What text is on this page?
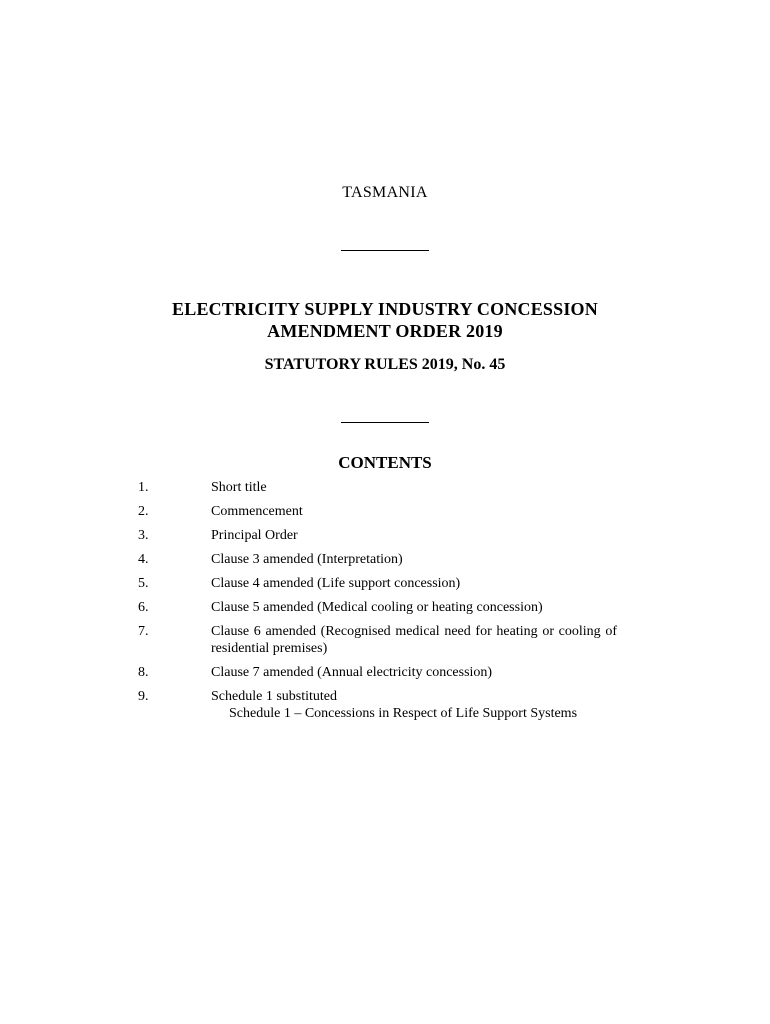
TASMANIA
ELECTRICITY SUPPLY INDUSTRY CONCESSION
AMENDMENT ORDER 2019
STATUTORY RULES 2019, No. 45
CONTENTS
1.	Short title
2.	Commencement
3.	Principal Order
4.	Clause 3 amended (Interpretation)
5.	Clause 4 amended (Life support concession)
6.	Clause 5 amended (Medical cooling or heating concession)
7.	Clause 6 amended (Recognised medical need for heating or cooling of residential premises)
8.	Clause 7 amended (Annual electricity concession)
9.	Schedule 1 substituted
Schedule 1 – Concessions in Respect of Life Support Systems
